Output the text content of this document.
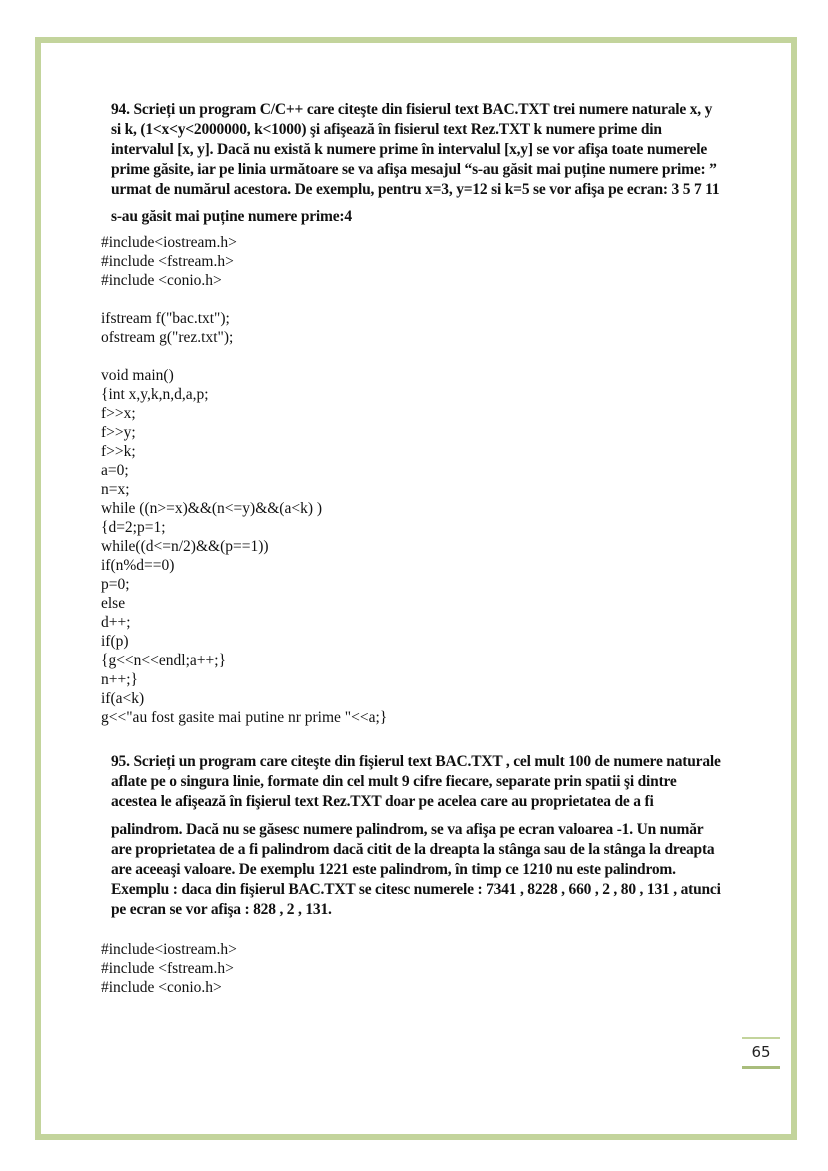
94. Scrieți un program C/C++ care citeşte din fisierul text BAC.TXT trei numere naturale x, y
si k, (1<x<y<2000000, k<1000) şi afişează în fisierul text Rez.TXT k numere prime din
intervalul [x, y]. Dacă nu există k numere prime în intervalul [x,y] se vor afişa toate numerele
prime găsite, iar pe linia următoare se va afişa mesajul “s-au găsit mai puține numere prime: ”
urmat de numărul acestora. De exemplu, pentru x=3, y=12 si k=5 se vor afişa pe ecran: 3 5 7 11
s-au găsit mai puține numere prime:4
#include<iostream.h>
#include <fstream.h>
#include <conio.h>
ifstream f("bac.txt");
ofstream g("rez.txt");
void main()
{int x,y,k,n,d,a,p;
f>>x;
f>>y;
f>>k;
a=0;
n=x;
while ((n>=x)&&(n<=y)&&(a<k) )
{d=2;p=1;
while((d<=n/2)&&(p==1))
if(n%d==0)
p=0;
else
d++;
if(p)
{g<<n<<endl;a++;}
n++;}
if(a<k)
g<<"au fost gasite mai putine nr prime "<<a;}
95. Scrieți un program care citeşte din fişierul text BAC.TXT , cel mult 100 de numere naturale
aflate pe o singura linie, formate din cel mult 9 cifre fiecare, separate prin spatii şi dintre
acestea le afişează în fişierul text Rez.TXT doar pe acelea care au proprietatea de a fi
palindrom. Dacă nu se găsesc numere palindrom, se va afişa pe ecran valoarea -1. Un număr
are proprietatea de a fi palindrom dacă citit de la dreapta la stânga sau de la stânga la dreapta
are aceeaşi valoare. De exemplu 1221 este palindrom, în timp ce 1210 nu este palindrom.
Exemplu : daca din fişierul BAC.TXT se citesc numerele : 7341 , 8228 , 660 , 2 , 80 , 131 , atunci
pe ecran se vor afişa : 828 , 2 , 131.
#include<iostream.h>
#include <fstream.h>
#include <conio.h>
65
